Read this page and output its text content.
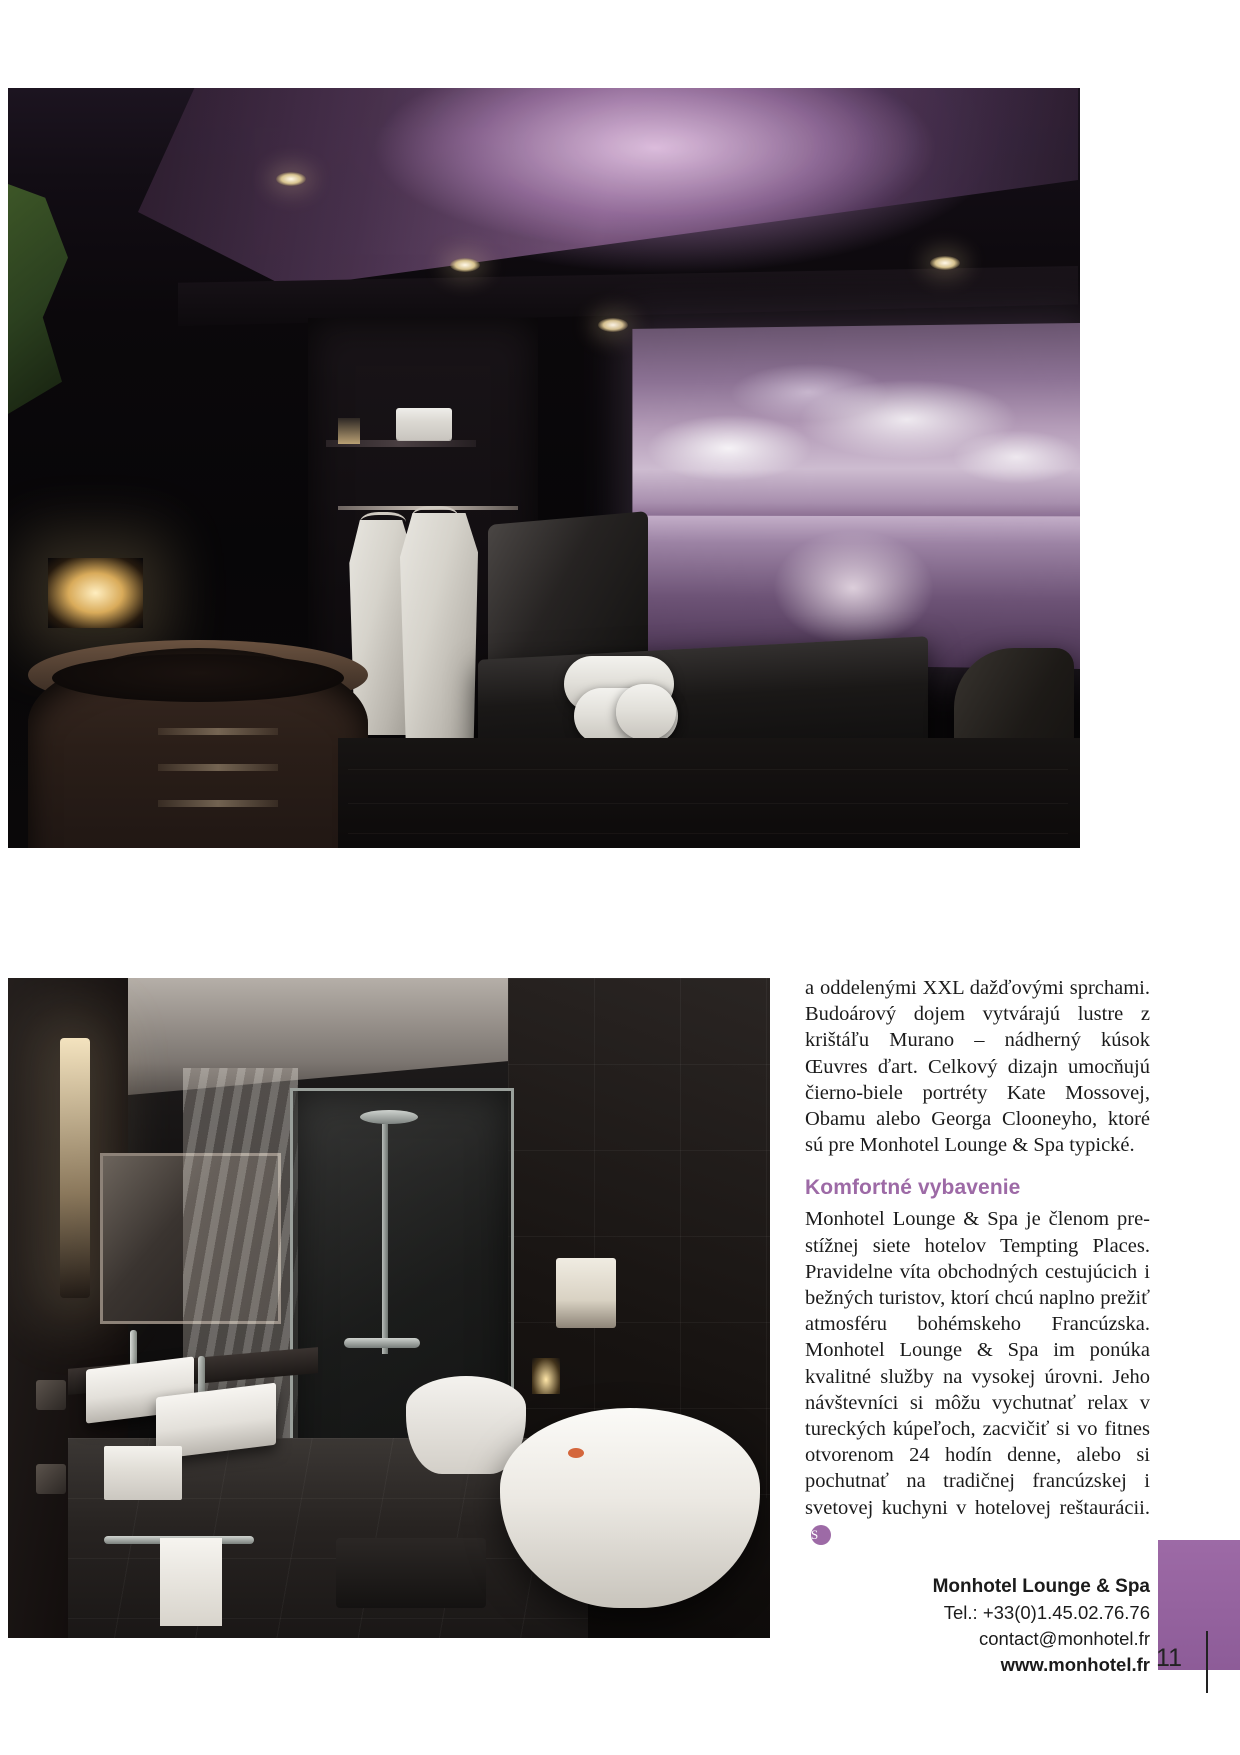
a oddelenými XXL dažďovými sprchami. Budoárový dojem vytvárajú lustre z krištáľu Murano – nádherný kúsok Œuvres ďart. Celkový dizajn umocňujú čierno-biele portréty Kate Mossovej, Obamu alebo Georga Clooneyho, ktoré sú pre Monhotel Lounge & Spa typické.

Komfortné vybavenie

Monhotel Lounge & Spa je členom prestížnej siete hotelov Tempting Places. Pravidelne víta obchodných cestujúcich i bežných turistov, ktorí chcú naplno prežiť atmosféru bohémskeho Francúzska. Monhotel Lounge & Spa im ponúka kvalitné služby na vysokej úrovni. Jeho návštevníci si môžu vychutnať relax v tureckých kúpeľoch, zacvičiť si vo fitnes otvorenom 24 hodín denne, alebo si pochutnať na tradičnej francúzskej i svetovej kuchyni v hotelovej reštaurácii.S

Monhotel Lounge & Spa
Tel.: +33(0)1.45.02.76.76
contact@monhotel.fr
www.monhotel.fr 11
